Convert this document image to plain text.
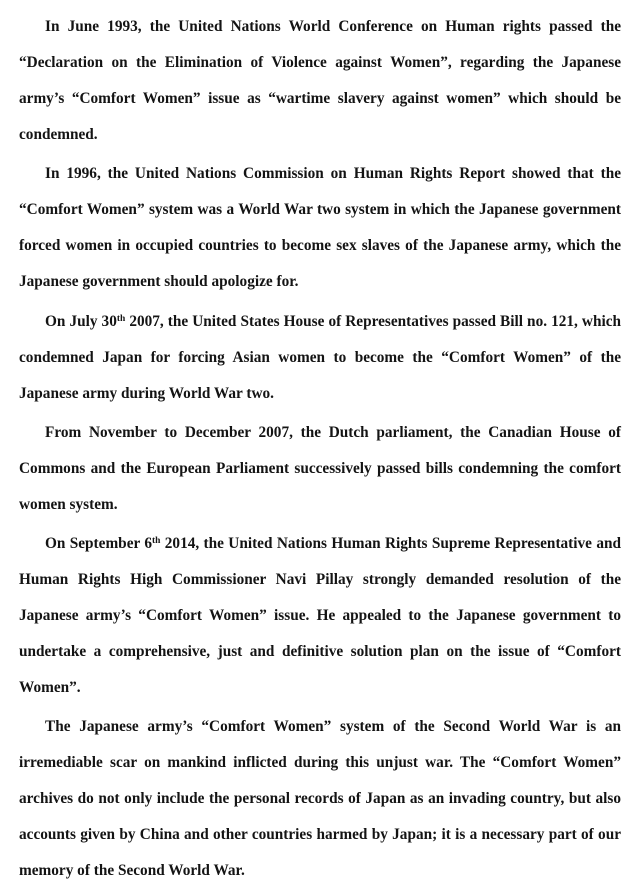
In June 1993, the United Nations World Conference on Human rights passed the “Declaration on the Elimination of Violence against Women”, regarding the Japanese army’s “Comfort Women” issue as “wartime slavery against women” which should be condemned.

In 1996, the United Nations Commission on Human Rights Report showed that the “Comfort Women” system was a World War two system in which the Japanese government forced women in occupied countries to become sex slaves of the Japanese army, which the Japanese government should apologize for.

On July 30th 2007, the United States House of Representatives passed Bill no. 121, which condemned Japan for forcing Asian women to become the “Comfort Women” of the Japanese army during World War two.

From November to December 2007, the Dutch parliament, the Canadian House of Commons and the European Parliament successively passed bills condemning the comfort women system.

On September 6th 2014, the United Nations Human Rights Supreme Representative and Human Rights High Commissioner Navi Pillay strongly demanded resolution of the Japanese army’s “Comfort Women” issue. He appealed to the Japanese government to undertake a comprehensive, just and definitive solution plan on the issue of “Comfort Women”.

The Japanese army’s “Comfort Women” system of the Second World War is an irremediable scar on mankind inflicted during this unjust war. The “Comfort Women” archives do not only include the personal records of Japan as an invading country, but also accounts given by China and other countries harmed by Japan; it is a necessary part of our memory of the Second World War.
